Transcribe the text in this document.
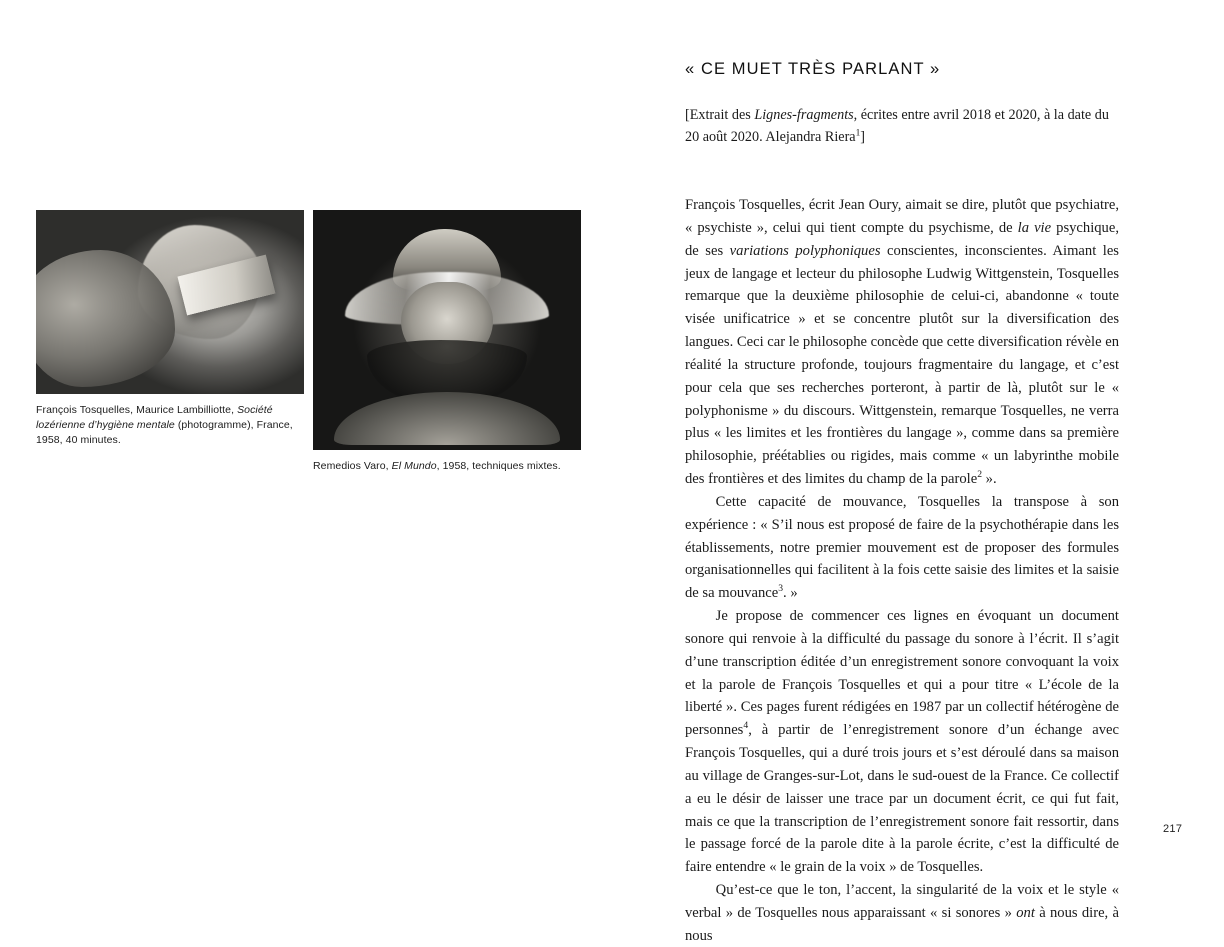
François Tosquelles, Maurice Lambilliotte, Société lozérienne d’hygiène mentale (photogramme), France, 1958, 40 minutes.
Remedios Varo, El Mundo, 1958, techniques mixtes.
« CE MUET TRÈS PARLANT »
[Extrait des Lignes-fragments, écrites entre avril 2018 et 2020, à la date du 20 août 2020. Alejandra Riera$^1$]

François Tosquelles, écrit Jean Oury, aimait se dire, plutôt que psychiatre, « psychiste », celui qui tient compte du psychisme, de la vie psychique, de ses variations polyphoniques conscientes, inconscientes. Aimant les jeux de langage et lecteur du philosophe Ludwig Wittgenstein, Tosquelles remarque que la deuxième philosophie de celui-ci, abandonne « toute visée unificatrice » et se concentre plutôt sur la diversification des langues. Ceci car le philosophe concède que cette diversification révèle en réalité la structure profonde, toujours fragmentaire du langage, et c’est pour cela que ses recherches porteront, à partir de là, plutôt sur le « polyphonisme » du discours. Wittgenstein, remarque Tosquelles, ne verra plus « les limites et les frontières du langage », comme dans sa première philosophie, préétablies ou rigides, mais comme « un labyrinthe mobile des frontières et des limites du champ de la parole$^2$ ».

Cette capacité de mouvance, Tosquelles la transpose à son expérience : « S’il nous est proposé de faire de la psychothérapie dans les établissements, notre premier mouvement est de proposer des formules organisationnelles qui facilitent à la fois cette saisie des limites et la saisie de sa mouvance$^3$. »

Je propose de commencer ces lignes en évoquant un document sonore qui renvoie à la difficulté du passage du sonore à l’écrit. Il s’agit d’une transcription éditée d’un enregistrement sonore convoquant la voix et la parole de François Tosquelles et qui a pour titre « L’école de la liberté ». Ces pages furent rédigées en 1987 par un collectif hétérogène de personnes$^4$, à partir de l’enregistrement sonore d’un échange avec François Tosquelles, qui a duré trois jours et s’est déroulé dans sa maison au village de Granges-sur-Lot, dans le sud-ouest de la France. Ce collectif a eu le désir de laisser une trace par un document écrit, ce qui fut fait, mais ce que la transcription de l’enregistrement sonore fait ressortir, dans le passage forcé de la parole dite à la parole écrite, c’est la difficulté de faire entendre « le grain de la voix » de Tosquelles.

Qu’est-ce que le ton, l’accent, la singularité de la voix et le style « verbal » de Tosquelles nous apparaissant « si sonores » ont à nous dire, à nous

217
